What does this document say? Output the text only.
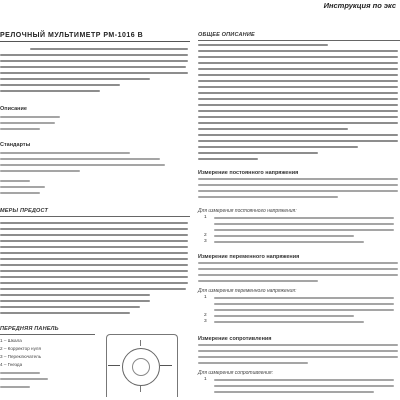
РЕЛОЧНЫЙ МУЛЬТИМЕТР РМ-1016 В
Описание
Стандарты
МЕРЫ ПРЕДОСТ
ПЕРЕДНЯЯ ПАНЕЛЬ
1 – Шкала
2 – Корректор нуля
3 – Переключатель
4 – Гнезда
Инструкция по экс
ОБЩЕЕ ОПИСАНИЕ
Измерение постоянного напряжения
Для измерения постоянного напряжения:
1
2
3
Измерение переменного напряжения
Для измерения переменного напряжения:
1
2
3
Измерение сопротивления
Для измерения сопротивления:
1
